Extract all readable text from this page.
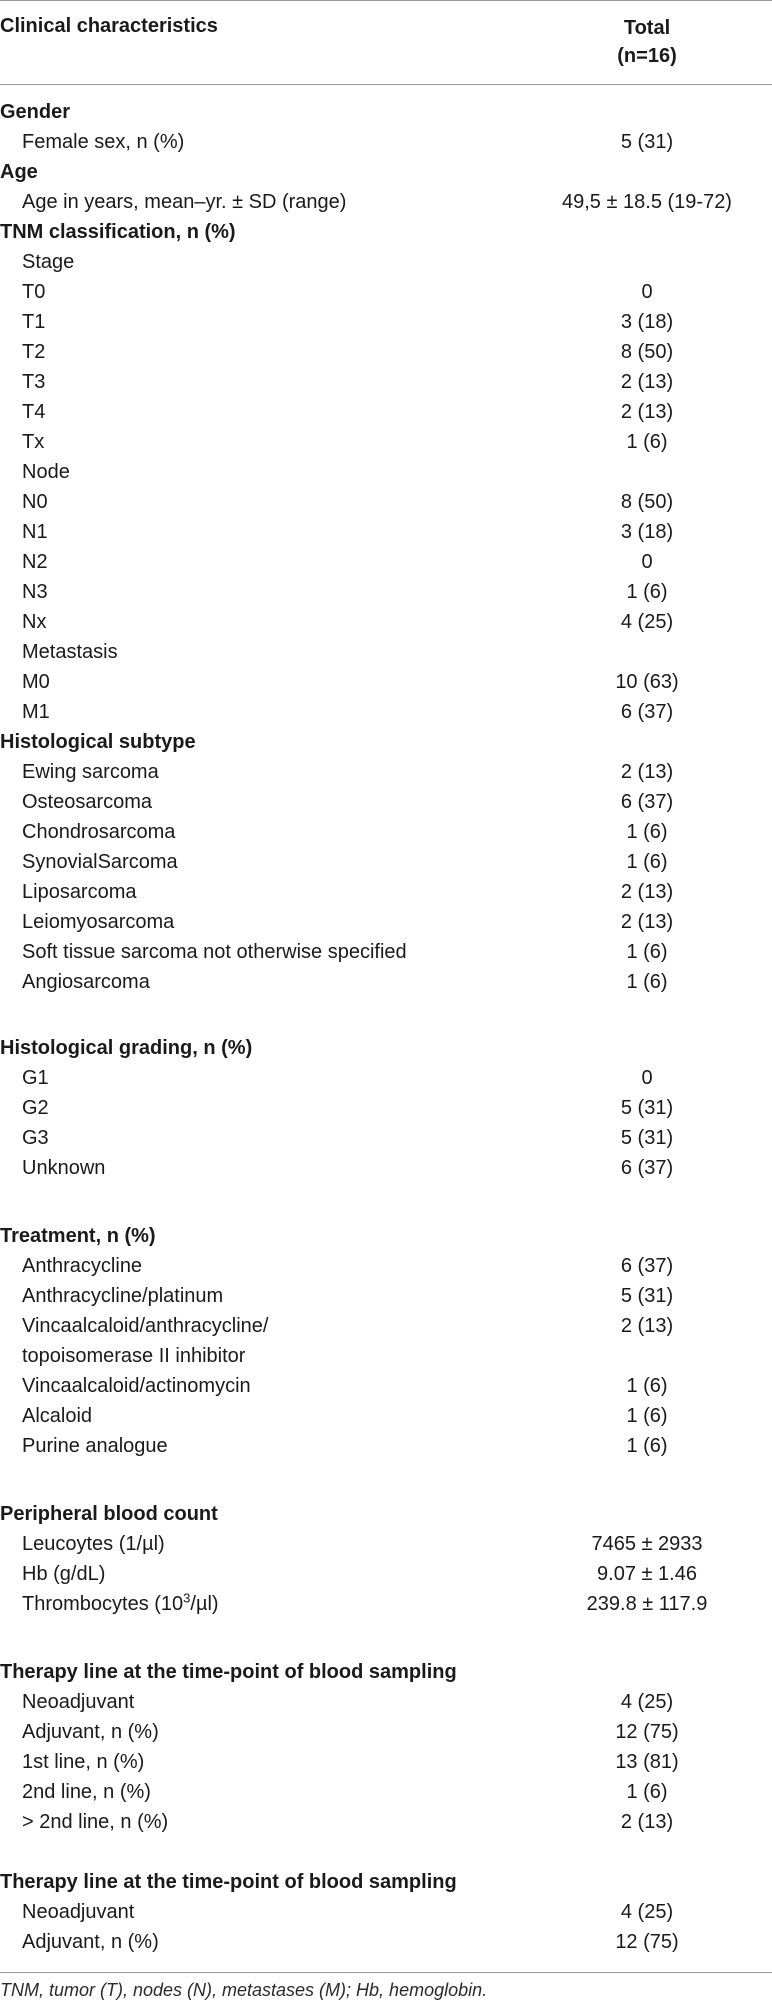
Clinical characteristics	Total
(n=16)
Gender
Female sex, n (%)	5 (31)
Age
Age in years, mean–yr. ± SD (range)	49,5 ± 18.5 (19-72)
TNM classification, n (%)
Stage
T0	0
T1	3 (18)
T2	8 (50)
T3	2 (13)
T4	2 (13)
Tx	1 (6)
Node
N0	8 (50)
N1	3 (18)
N2	0
N3	1 (6)
Nx	4 (25)
Metastasis
M0	10 (63)
M1	6 (37)
Histological subtype
Ewing sarcoma	2 (13)
Osteosarcoma	6 (37)
Chondrosarcoma	1 (6)
SynovialSarcoma	1 (6)
Liposarcoma	2 (13)
Leiomyosarcoma	2 (13)
Soft tissue sarcoma not otherwise specified	1 (6)
Angiosarcoma	1 (6)
Histological grading, n (%)
G1	0
G2	5 (31)
G3	5 (31)
Unknown	6 (37)
Treatment, n (%)
Anthracycline	6 (37)
Anthracycline/platinum	5 (31)
Vincaalcaloid/anthracycline/	2 (13)
topoisomerase II inhibitor
Vincaalcaloid/actinomycin	1 (6)
Alcaloid	1 (6)
Purine analogue	1 (6)
Peripheral blood count
Leucoytes (1/µl)	7465 ± 2933
Hb (g/dL)	9.07 ± 1.46
Thrombocytes $(10^3/\mu l)$	239.8 ± 117.9
Therapy line at the time-point of blood sampling
Neoadjuvant	4 (25)
Adjuvant, n (%)	12 (75)
1st line, n (%)	13 (81)
2nd line, n (%)	1 (6)
> 2nd line, n (%)	2 (13)
Therapy line at the time-point of blood sampling
Neoadjuvant	4 (25)
Adjuvant, n (%)	12 (75)
TNM, tumor (T), nodes (N), metastases (M); Hb, hemoglobin.
